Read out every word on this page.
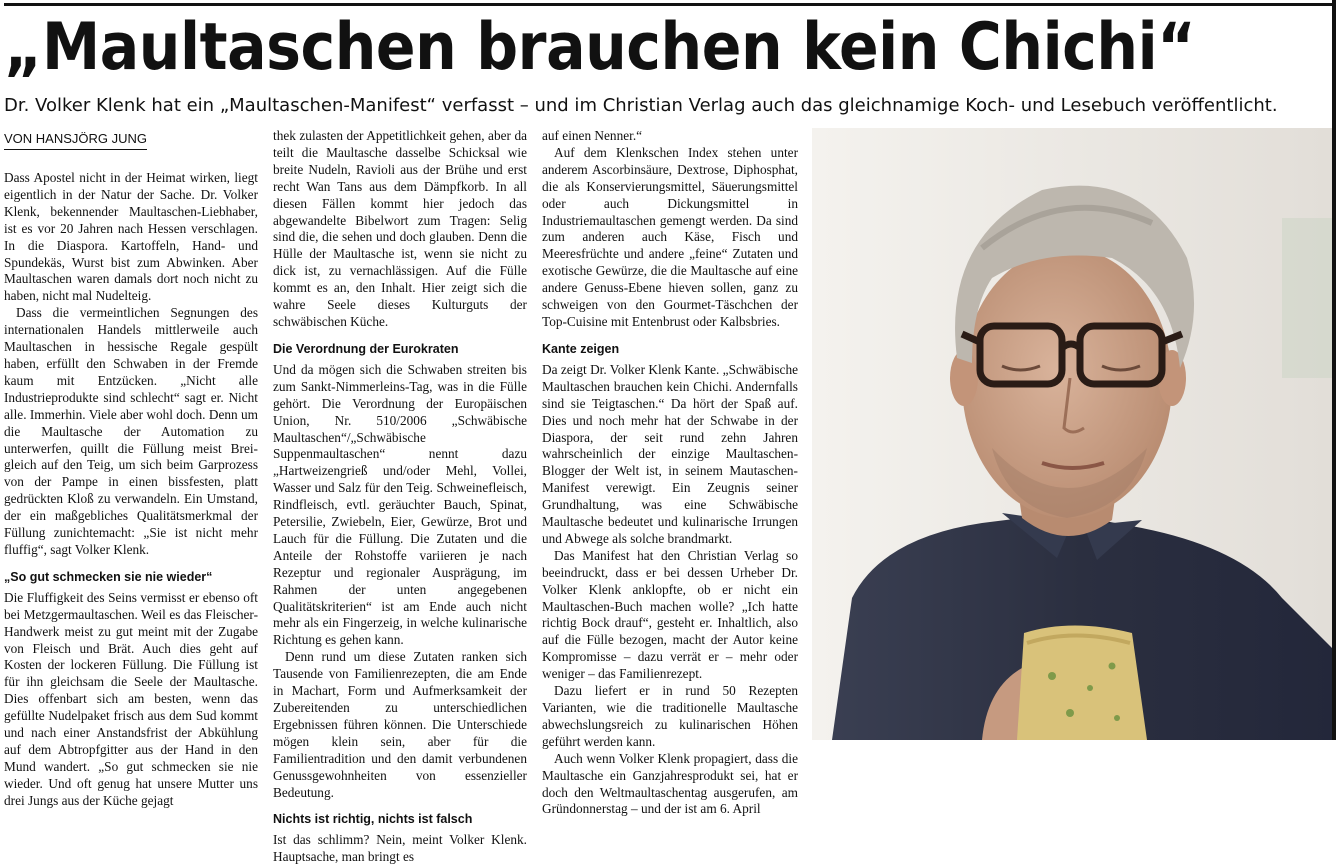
„Maultaschen brauchen kein Chichi“

Dr. Volker Klenk hat ein „Maultaschen-Manifest“ verfasst – und im Christian Verlag auch das gleichnamige Koch- und Lesebuch veröffentlicht.

VON HANSJÖRG JUNG

Dass Apostel nicht in der Heimat wirken, liegt eigentlich in der Natur der Sache. Dr. Volker Klenk, bekennender Maultaschen-Liebhaber, ist es vor 20 Jahren nach Hessen verschlagen. In die Diaspora. Kartoffeln, Hand- und Spundekäs, Wurst bist zum Abwinken. Aber Maultaschen waren damals dort noch nicht zu haben, nicht mal Nudelteig.

Dass die vermeintlichen Segnungen des internationalen Handels mittlerweile auch Maultaschen in hessische Regale gespült haben, erfüllt den Schwaben in der Fremde kaum mit Entzücken. „Nicht alle Industrieprodukte sind schlecht“ sagt er. Nicht alle. Immerhin. Viele aber wohl doch. Denn um die Maultasche der Automation zu unterwerfen, quillt die Füllung meist Brei-gleich auf den Teig, um sich beim Garprozess von der Pampe in einen bissfesten, platt gedrückten Kloß zu verwandeln. Ein Umstand, der ein maßgebliches Qualitätsmerkmal der Füllung zunichtemacht: „Sie ist nicht mehr fluffig“, sagt Volker Klenk.

„So gut schmecken sie nie wieder“

Die Fluffigkeit des Seins vermisst er ebenso oft bei Metzgermaultaschen. Weil es das Fleischer-Handwerk meist zu gut meint mit der Zugabe von Fleisch und Brät. Auch dies geht auf Kosten der lockeren Füllung. Die Füllung ist für ihn gleichsam die Seele der Maultasche. Dies offenbart sich am besten, wenn das gefüllte Nudelpaket frisch aus dem Sud kommt und nach einer Anstandsfrist der Abkühlung auf dem Abtropfgitter aus der Hand in den Mund wandert. „So gut schmecken sie nie wieder. Und oft genug hat unsere Mutter uns drei Jungs aus der Küche gejagt

thek zulasten der Appetitlichkeit gehen, aber da teilt die Maultasche dasselbe Schicksal wie breite Nudeln, Ravioli aus der Brühe und erst recht Wan Tans aus dem Dämpfkorb. In all diesen Fällen kommt hier jedoch das abgewandelte Bibelwort zum Tragen: Selig sind die, die sehen und doch glauben. Denn die Hülle der Maultasche ist, wenn sie nicht zu dick ist, zu vernachlässigen. Auf die Fülle kommt es an, den Inhalt. Hier zeigt sich die wahre Seele dieses Kulturguts der schwäbischen Küche.

Die Verordnung der Eurokraten

Und da mögen sich die Schwaben streiten bis zum Sankt-Nimmerleins-Tag, was in die Fülle gehört. Die Verordnung der Europäischen Union, Nr. 510/2006 „Schwäbische Maultaschen“/„Schwäbische Suppenmaultaschen“ nennt dazu „Hartweizengrieß und/oder Mehl, Vollei, Wasser und Salz für den Teig. Schweinefleisch, Rindfleisch, evtl. geräuchter Bauch, Spinat, Petersilie, Zwiebeln, Eier, Gewürze, Brot und Lauch für die Füllung. Die Zutaten und die Anteile der Rohstoffe variieren je nach Rezeptur und regionaler Ausprägung, im Rahmen der unten angegebenen Qualitätskriterien“ ist am Ende auch nicht mehr als ein Fingerzeig, in welche kulinarische Richtung es gehen kann.

Denn rund um diese Zutaten ranken sich Tausende von Familienrezepten, die am Ende in Machart, Form und Aufmerksamkeit der Zubereitenden zu unterschiedlichen Ergebnissen führen können. Die Unterschiede mögen klein sein, aber für die Familientradition und den damit verbundenen Genussgewohnheiten von essenzieller Bedeutung.

Nichts ist richtig, nichts ist falsch

Ist das schlimm? Nein, meint Volker Klenk. Hauptsache, man bringt es

auf einen Nenner.“

Auf dem Klenkschen Index stehen unter anderem Ascorbinsäure, Dextrose, Diphosphat, die als Konservierungsmittel, Säuerungsmittel oder auch Dickungsmittel in Industriemaultaschen gemengt werden. Da sind zum anderen auch Käse, Fisch und Meeresfrüchte und andere „feine“ Zutaten und exotische Gewürze, die die Maultasche auf eine andere Genuss-Ebene hieven sollen, ganz zu schweigen von den Gourmet-Täschchen der Top-Cuisine mit Entenbrust oder Kalbsbries.

Kante zeigen

Da zeigt Dr. Volker Klenk Kante. „Schwäbische Maultaschen brauchen kein Chichi. Andernfalls sind sie Teigtaschen.“ Da hört der Spaß auf. Dies und noch mehr hat der Schwabe in der Diaspora, der seit rund zehn Jahren wahrscheinlich der einzige Maultaschen-Blogger der Welt ist, in seinem Mautaschen-Manifest verewigt. Ein Zeugnis seiner Grundhaltung, was eine Schwäbische Maultasche bedeutet und kulinarische Irrungen und Abwege als solche brandmarkt.

Das Manifest hat den Christian Verlag so beeindruckt, dass er bei dessen Urheber Dr. Volker Klenk anklopfte, ob er nicht ein Maultaschen-Buch machen wolle? „Ich hatte richtig Bock drauf“, gesteht er. Inhaltlich, also auf die Fülle bezogen, macht der Autor keine Kompromisse – dazu verrät er – mehr oder weniger – das Familienrezept.

Dazu liefert er in rund 50 Rezepten Varianten, wie die traditionelle Maultasche abwechslungsreich zu kulinarischen Höhen geführt werden kann.

Auch wenn Volker Klenk propagiert, dass die Maultasche ein Ganzjahresprodukt sei, hat er doch den Weltmaultaschentag ausgerufen, am Gründonnerstag – und der ist am 6. April
